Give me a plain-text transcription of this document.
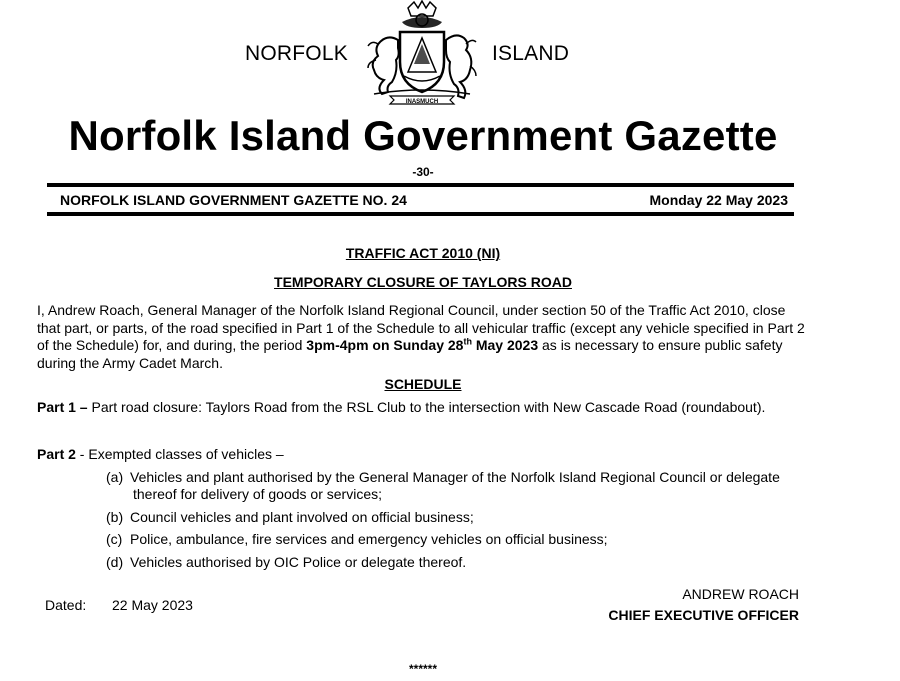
NORFOLK	ISLAND
INASMUCH
Norfolk Island Government Gazette
-30-
NORFOLK ISLAND GOVERNMENT GAZETTE NO. 24	Monday 22 May 2023
TRAFFIC ACT 2010 (NI)
TEMPORARY CLOSURE OF TAYLORS ROAD
I, Andrew Roach, General Manager of the Norfolk Island Regional Council, under section 50 of the Traffic Act 2010, close that part, or parts, of the road specified in Part 1 of the Schedule to all vehicular traffic (except any vehicle specified in Part 2 of the Schedule) for, and during, the period 3pm-4pm on Sunday 28th May 2023 as is necessary to ensure public safety during the Army Cadet March.
SCHEDULE
Part 1 – Part road closure: Taylors Road from the RSL Club to the intersection with New Cascade Road (roundabout).
Part 2 - Exempted classes of vehicles –
(a) Vehicles and plant authorised by the General Manager of the Norfolk Island Regional Council or delegate
thereof for delivery of goods or services;
(b) Council vehicles and plant involved on official business;
(c) Police, ambulance, fire services and emergency vehicles on official business;
(d) Vehicles authorised by OIC Police or delegate thereof.
Dated: 22 May 2023
ANDREW ROACH
CHIEF EXECUTIVE OFFICER
******
